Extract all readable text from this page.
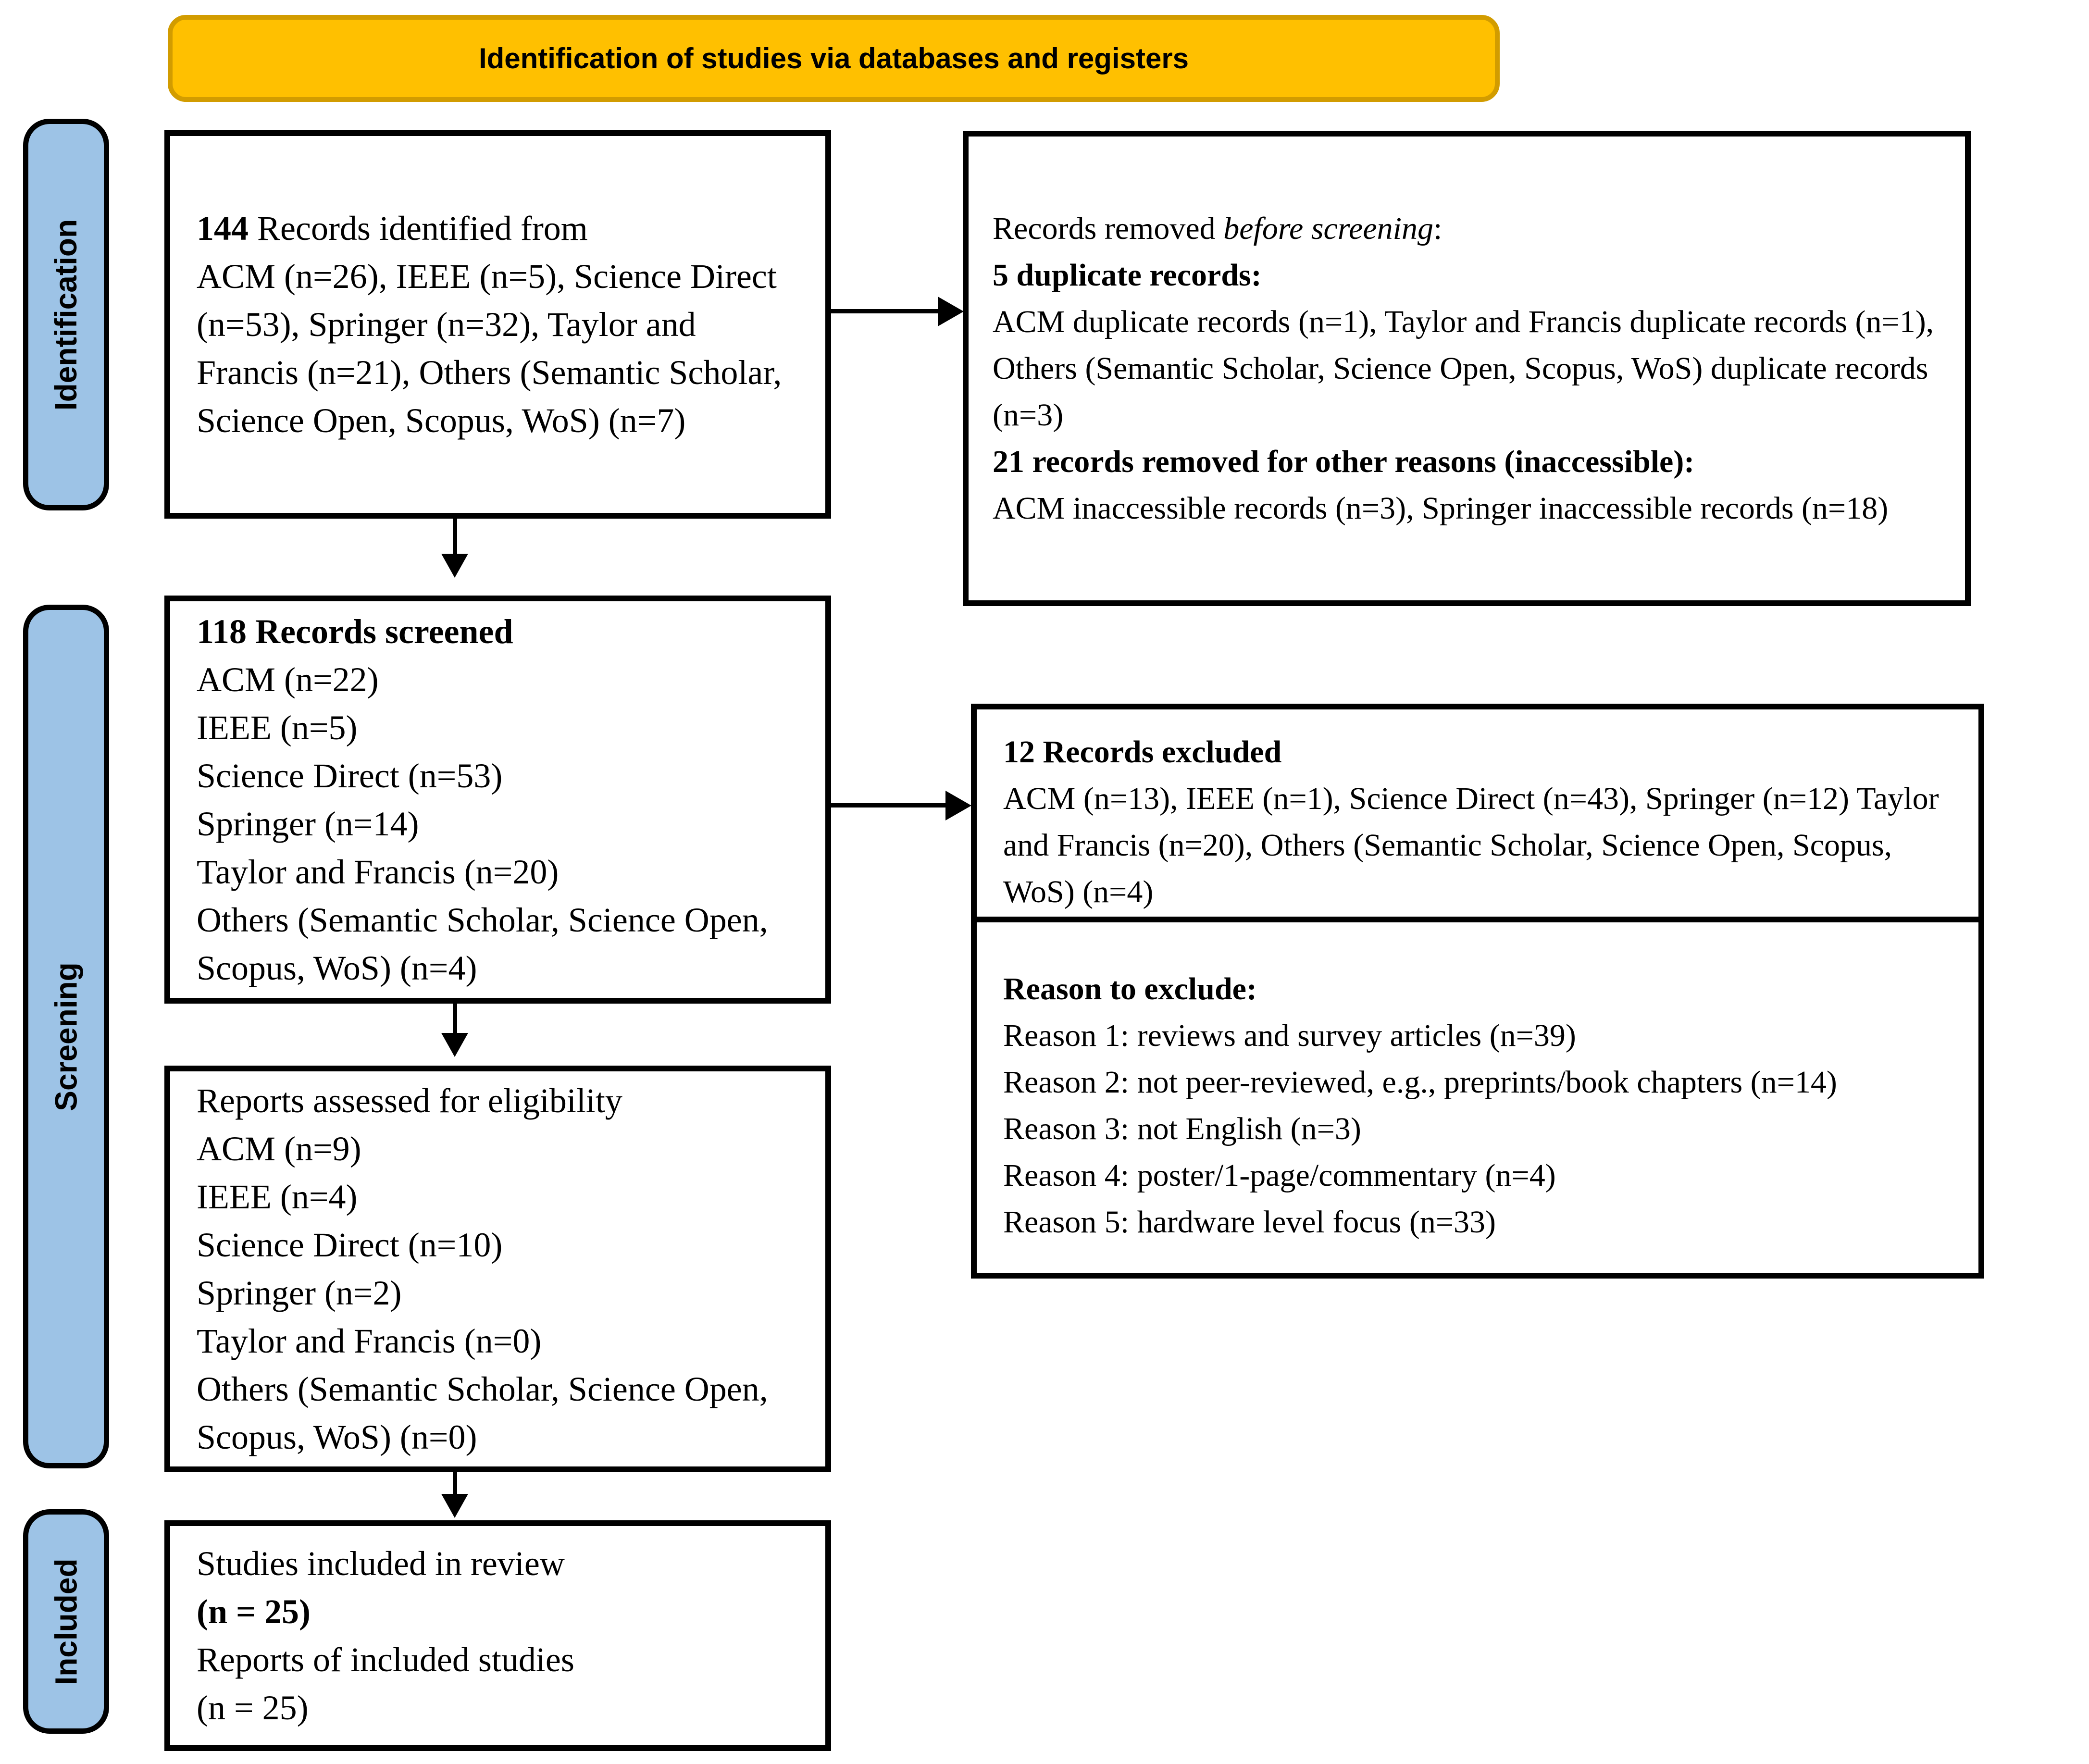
Identification of studies via databases and registers
Identification
Screening
Included

144 Records identified from

ACM (n=26), IEEE (n=5), Science Direct (n=53), Springer (n=32), Taylor and Francis (n=21), Others (Semantic Scholar, Science Open, Scopus, WoS) (n=7)

Records removed before screening:

5 duplicate records:

ACM duplicate records (n=1), Taylor and Francis duplicate records (n=1), Others (Semantic Scholar, Science Open, Scopus, WoS) duplicate records (n=3)

21 records removed for other reasons (inaccessible):

ACM inaccessible records (n=3), Springer inaccessible records (n=18)

118 Records screened

ACM (n=22)

IEEE (n=5)

Science Direct (n=53)

Springer (n=14)

Taylor and Francis (n=20)

Others (Semantic Scholar, Science Open, Scopus, WoS) (n=4)

12 Records excluded

ACM (n=13), IEEE (n=1), Science Direct (n=43), Springer (n=12) Taylor and Francis (n=20), Others (Semantic Scholar, Science Open, Scopus, WoS) (n=4)

Reason to exclude:

Reason 1: reviews and survey articles (n=39)

Reason 2: not peer-reviewed, e.g., preprints/book chapters (n=14)

Reason 3: not English (n=3)

Reason 4: poster/1-page/commentary (n=4)

Reason 5: hardware level focus (n=33)

Reports assessed for eligibility

ACM (n=9)

IEEE (n=4)

Science Direct (n=10)

Springer (n=2)

Taylor and Francis (n=0)

Others (Semantic Scholar, Science Open, Scopus, WoS) (n=0)

Studies included in review

(n = 25)

Reports of included studies

(n = 25)
